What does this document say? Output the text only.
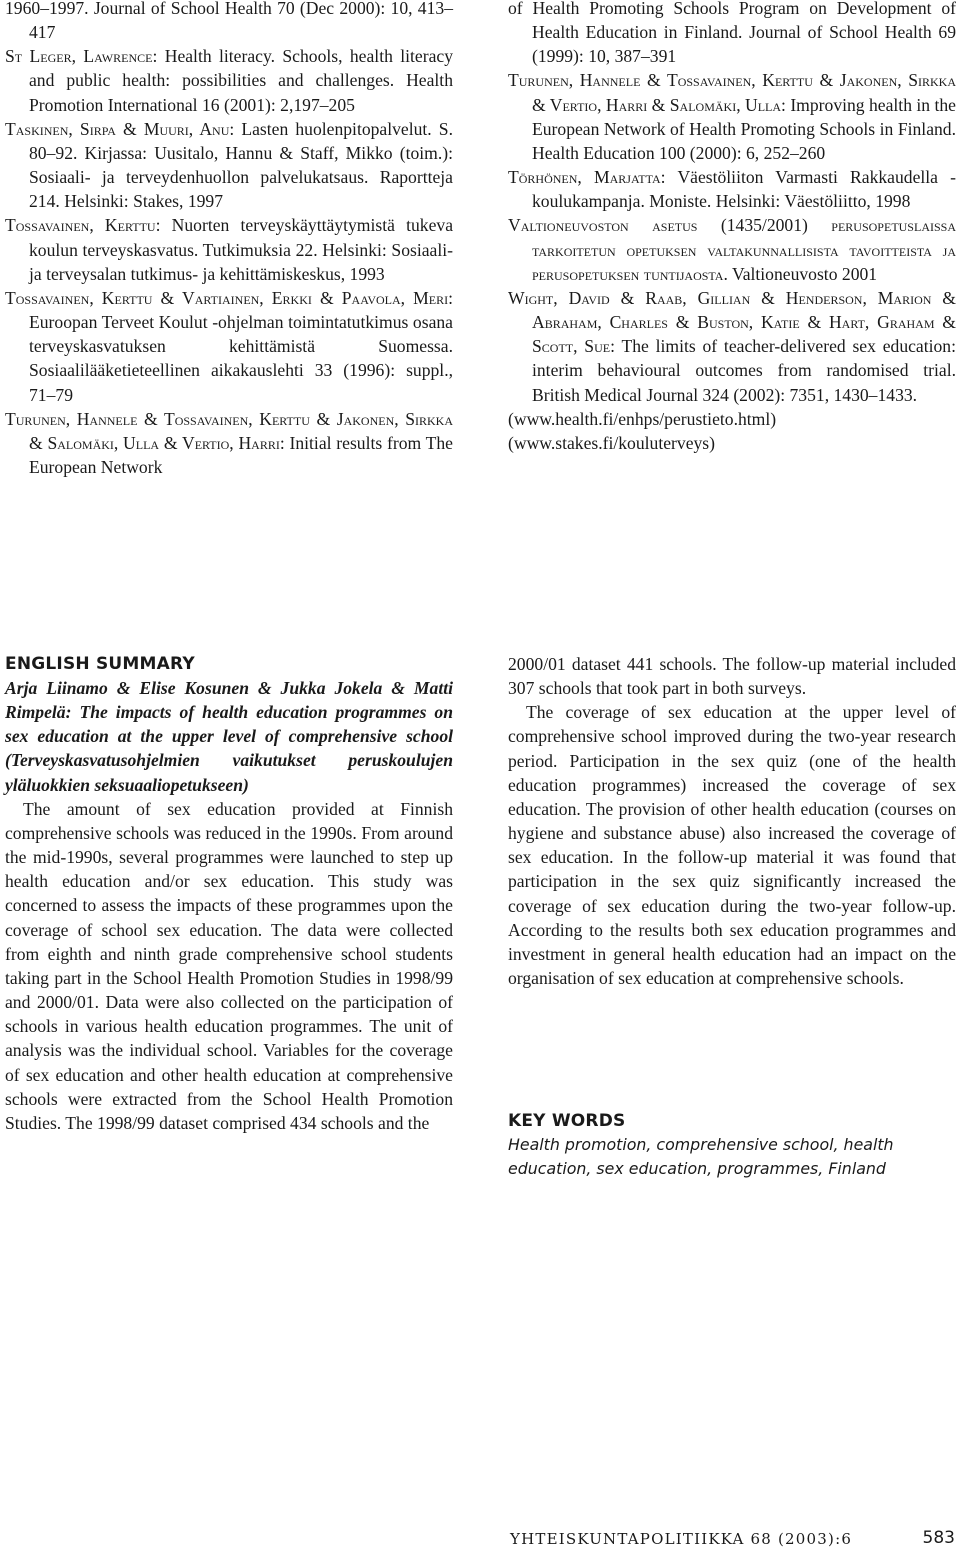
1960–1997. Journal of School Health 70 (Dec 2000): 10, 413–417

St Leger, Lawrence: Health literacy. Schools, health literacy and public health: possibilities and challenges. Health Promotion International 16 (2001): 2,197–205

Taskinen, Sirpa & Muuri, Anu: Lasten huolenpitopalvelut. S. 80–92. Kirjassa: Uusitalo, Hannu & Staff, Mikko (toim.): Sosiaali- ja terveydenhuollon palvelukatsaus. Raportteja 214. Helsinki: Stakes, 1997

Tossavainen, Kerttu: Nuorten terveyskäyttäytymistä tukeva koulun terveyskasvatus. Tutkimuksia 22. Helsinki: Sosiaali- ja terveysalan tutkimus- ja kehittämiskeskus, 1993

Tossavainen, Kerttu & Vartiainen, Erkki & Paavola, Meri: Euroopan Terveet Koulut -ohjelman toimintatutkimus osana terveyskasvatuksen kehittämistä Suomessa. Sosiaalilääketieteellinen aikakauslehti 33 (1996): suppl., 71–79

Turunen, Hannele & Tossavainen, Kerttu & Jakonen, Sirkka & Salomäki, Ulla & Vertio, Harri: Initial results from The European Network

of Health Promoting Schools Program on Development of Health Education in Finland. Journal of School Health 69 (1999): 10, 387–391

Turunen, Hannele & Tossavainen, Kerttu & Jakonen, Sirkka & Vertio, Harri & Salomäki, Ulla: Improving health in the European Network of Health Promoting Schools in Finland. Health Education 100 (2000): 6, 252–260

Törhönen, Marjatta: Väestöliiton Varmasti Rakkaudella -koulukampanja. Moniste. Helsinki: Väestöliitto, 1998

Valtioneuvoston asetus (1435/2001) perusopetuslaissa tarkoitetun opetuksen valtakunnallisista tavoitteista ja perusopetuksen tuntijaosta. Valtioneuvosto 2001

Wight, David & Raab, Gillian & Henderson, Marion & Abraham, Charles & Buston, Katie & Hart, Graham & Scott, Sue: The limits of teacher-delivered sex education: interim behavioural outcomes from randomised trial. British Medical Journal 324 (2002): 7351, 1430–1433.

(www.health.fi/enhps/perustieto.html)

(www.stakes.fi/kouluterveys)

ENGLISH SUMMARY

Arja Liinamo & Elise Kosunen & Jukka Jokela & Matti Rimpelä: The impacts of health education programmes on sex education at the upper level of comprehensive school (Terveyskasvatusohjelmien vaikutukset peruskoulujen yläluokkien seksuaaliopetukseen)

The amount of sex education provided at Finnish comprehensive schools was reduced in the 1990s. From around the mid-1990s, several programmes were launched to step up health education and/or sex education. This study was concerned to assess the impacts of these programmes upon the coverage of school sex education. The data were collected from eighth and ninth grade comprehensive school students taking part in the School Health Promotion Studies in 1998/99 and 2000/01. Data were also collected on the participation of schools in various health education programmes. The unit of analysis was the individual school. Variables for the coverage of sex education and other health education at comprehensive schools were extracted from the School Health Promotion Studies. The 1998/99 dataset comprised 434 schools and the

2000/01 dataset 441 schools. The follow-up material included 307 schools that took part in both surveys.

The coverage of sex education at the upper level of comprehensive school improved during the two-year research period. Participation in the sex quiz (one of the health education programmes) increased the coverage of sex education. The provision of other health education (courses on hygiene and substance abuse) also increased the coverage of sex education. In the follow-up material it was found that participation in the sex quiz significantly increased the coverage of sex education during the two-year follow-up. According to the results both sex education programmes and investment in general health education had an impact on the organisation of sex education at comprehensive schools.

KEY WORDS

Health promotion, comprehensive school, health education, sex education, programmes, Finland

YHTEISKUNTAPOLITIIKKA 68 (2003):6	583
